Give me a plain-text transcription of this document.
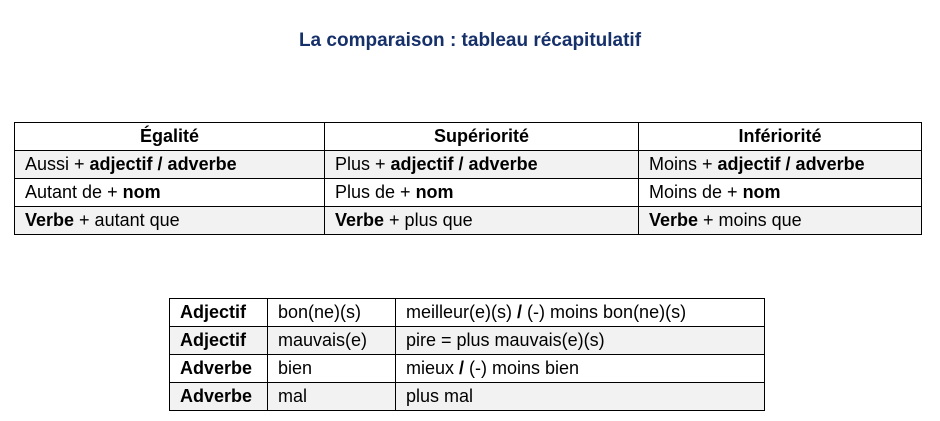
La comparaison : tableau récapitulatif
Égalité	Supériorité	Infériorité
Aussi + adjectif / adverbe	Plus + adjectif / adverbe	Moins + adjectif / adverbe
Autant de + nom	Plus de + nom	Moins de + nom
Verbe + autant que	Verbe + plus que	Verbe + moins que
Adjectif	bon(ne)(s)	meilleur(e)(s) / (-) moins bon(ne)(s)
Adjectif	mauvais(e)	pire = plus mauvais(e)(s)
Adverbe	bien	mieux / (-) moins bien
Adverbe	mal	plus mal
